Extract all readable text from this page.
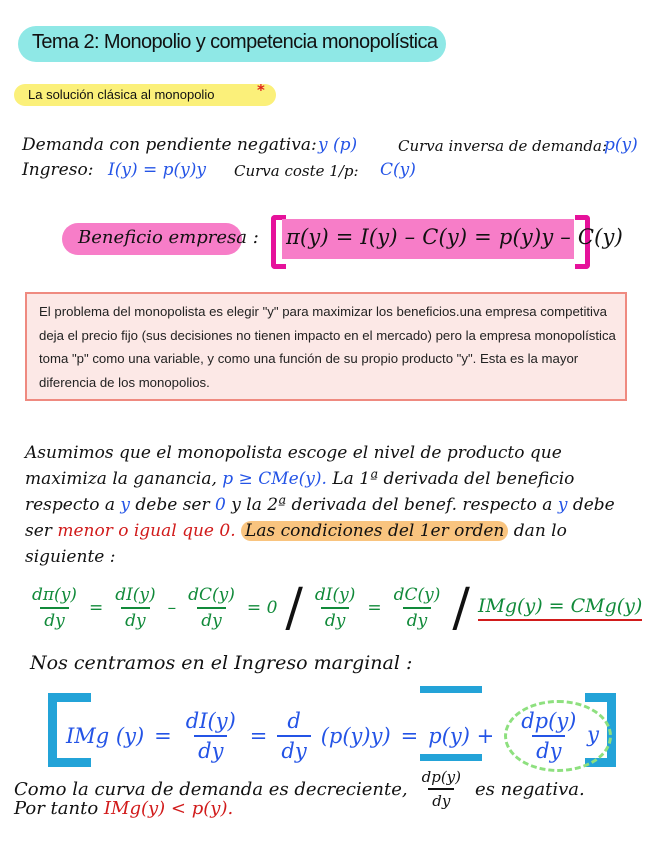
Tema 2: Monopolio y competencia monopolística
La solución clásica al monopolio	*
Demanda con pendiente negativa: y (p)	Curva inversa de demanda:
p(y)
Ingreso: I(y) = p(y)y Curva coste 1/p: C(y)
Beneficio empresa : π(y) = I(y) – C(y) = p(y)y – C(y)
El problema del monopolista es elegir "y" para maximizar los beneficios.una empresa competitiva deja el precio fijo (sus decisiones no tienen impacto en el mercado) pero la empresa monopolística toma "p" como una variable, y como una función de su propio producto "y". Esta es la mayor diferencia de los monopolios.
Asumimos que el monopolista escoge el nivel de producto que maximiza la ganancia, p ≥ CMe(y). La 1ª derivada del beneficio respecto a y debe ser 0 y la 2ª derivada del benef. respecto a y debe ser menor o igual que 0. Las condiciones del 1er orden dan lo siguiente :
$\frac{d\pi(y)}{dy} = \frac{dI(y)}{dy} - \frac{dC(y)}{dy} = 0 / \frac{dI(y)}{dy} = \frac{dC(y)}{dy} / IMg(y) = CMg(y)$
Nos centramos en el Ingreso marginal :
IMg $(y) = \frac{dI(y)}{dy} = \frac{d}{dy} (p(y)y) = p(y) + \frac{dp(y)}{dy}$ y
Como la curva de demanda es decreciente, $\frac{dp(y)}{dy}$ es negativa.
Por tanto IMg(y) < p(y).
